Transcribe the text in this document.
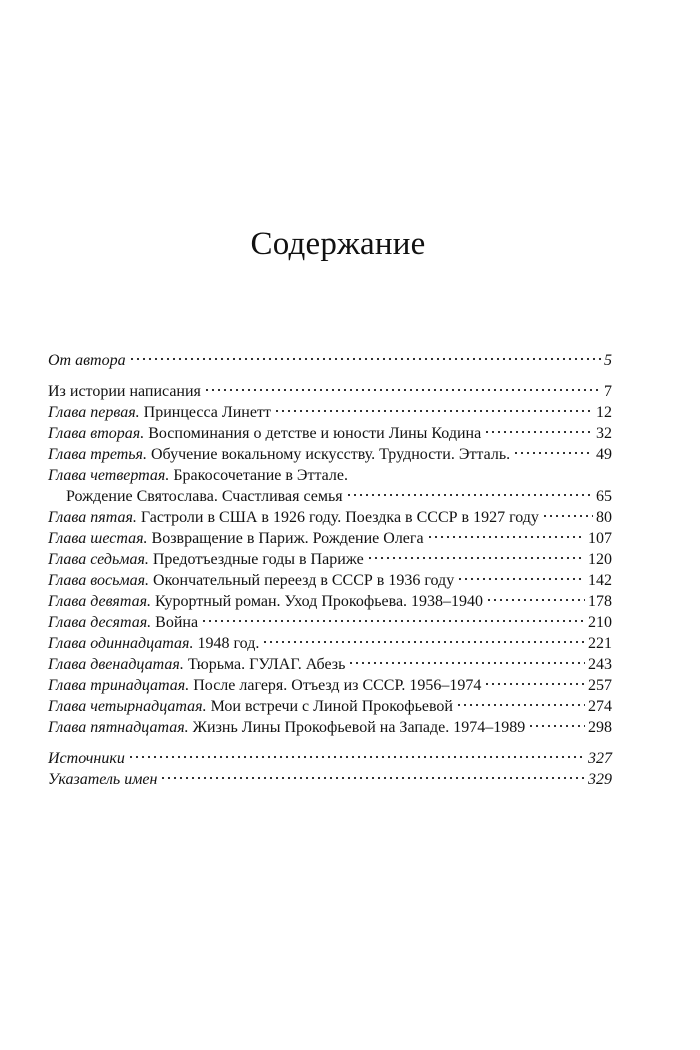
Содержание
От автора	5
Из истории написания	7
Глава первая. Принцесса Линетт	12
Глава вторая. Воспоминания о детстве и юности Лины Кодина	32
Глава третья. Обучение вокальному искусству. Трудности. Этталь.	49
Глава четвертая. Бракосочетание в Эттале.
Рождение Святослава. Счастливая семья	65
Глава пятая. Гастроли в США в 1926 году. Поездка в СССР в 1927 году	80
Глава шестая. Возвращение в Париж. Рождение Олега	107
Глава седьмая. Предотъездные годы в Париже	120
Глава восьмая. Окончательный переезд в СССР в 1936 году	142
Глава девятая. Курортный роман. Уход Прокофьева. 1938–1940	178
Глава десятая. Война	210
Глава одиннадцатая. 1948 год.	221
Глава двенадцатая. Тюрьма. ГУЛАГ. Абезь	243
Глава тринадцатая. После лагеря. Отъезд из СССР. 1956–1974	257
Глава четырнадцатая. Мои встречи с Линой Прокофьевой	274
Глава пятнадцатая. Жизнь Лины Прокофьевой на Западе. 1974–1989	298
Источники	327
Указатель имен	329
